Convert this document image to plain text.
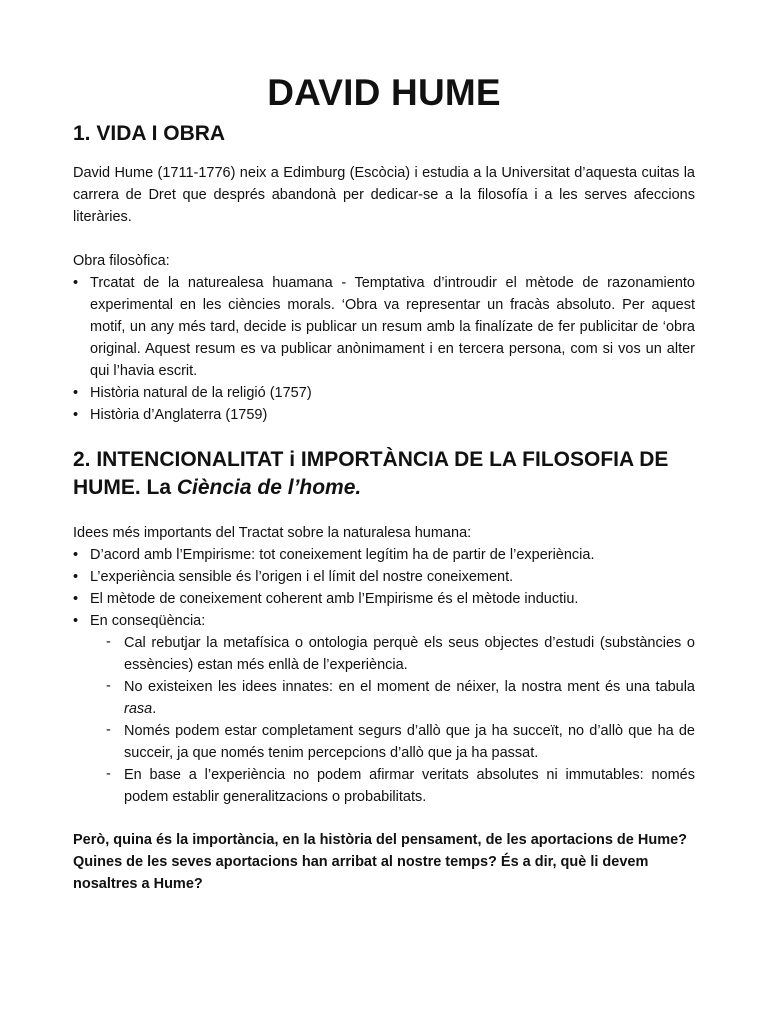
DAVID HUME
1. VIDA I OBRA

David Hume (1711-1776) neix a Edimburg (Escòcia) i estudia a la Universitat d’aquesta cuitas la carrera de Dret que després abandonà per dedicar-se a la filosofía i a les serves afeccions literàries.

Obra filosòfica:

• Trcatat de la naturealesa huamana - Temptativa d’introudir el mètode de razonamiento experimental en les ciències morals. ‘Obra va representar un fracàs absoluto. Per aquest motif, un any més tard, decide is publicar un resum amb la finalízate de fer publicitar de ‘obra original. Aquest resum es va publicar anònimament i en tercera persona, com si vos un alter qui l’havia escrit.
• Història natural de la religió (1757)
• Història d’Anglaterra (1759)
2. INTENCIONALITAT i IMPORTÀNCIA DE LA FILOSOFIA DE HUME. La Ciència de l’home.

Idees més importants del Tractat sobre la naturalesa humana:

• D’acord amb l’Empirisme: tot coneixement legítim ha de partir de l’experiència.
• L’experiència sensible és l’origen i el límit del nostre coneixement.
• El mètode de coneixement coherent amb l’Empirisme és el mètode inductiu.
• En conseqüència:
- Cal rebutjar la metafísica o ontologia perquè els seus objectes d’estudi (substàncies o essències) estan més enllà de l’experiència.
- No existeixen les idees innates: en el moment de néixer, la nostra ment és una tabula rasa.
- Només podem estar completament segurs d’allò que ja ha succeït, no d’allò que ha de succeir, ja que només tenim percepcions d’allò que ja ha passat.
- En base a l’experiència no podem afirmar veritats absolutes ni immutables: només podem establir generalitzacions o probabilitats.

Però, quina és la importància, en la història del pensament, de les aportacions de Hume? Quines de les seves aportacions han arribat al nostre temps? És a dir, què li devem nosaltres a Hume?
